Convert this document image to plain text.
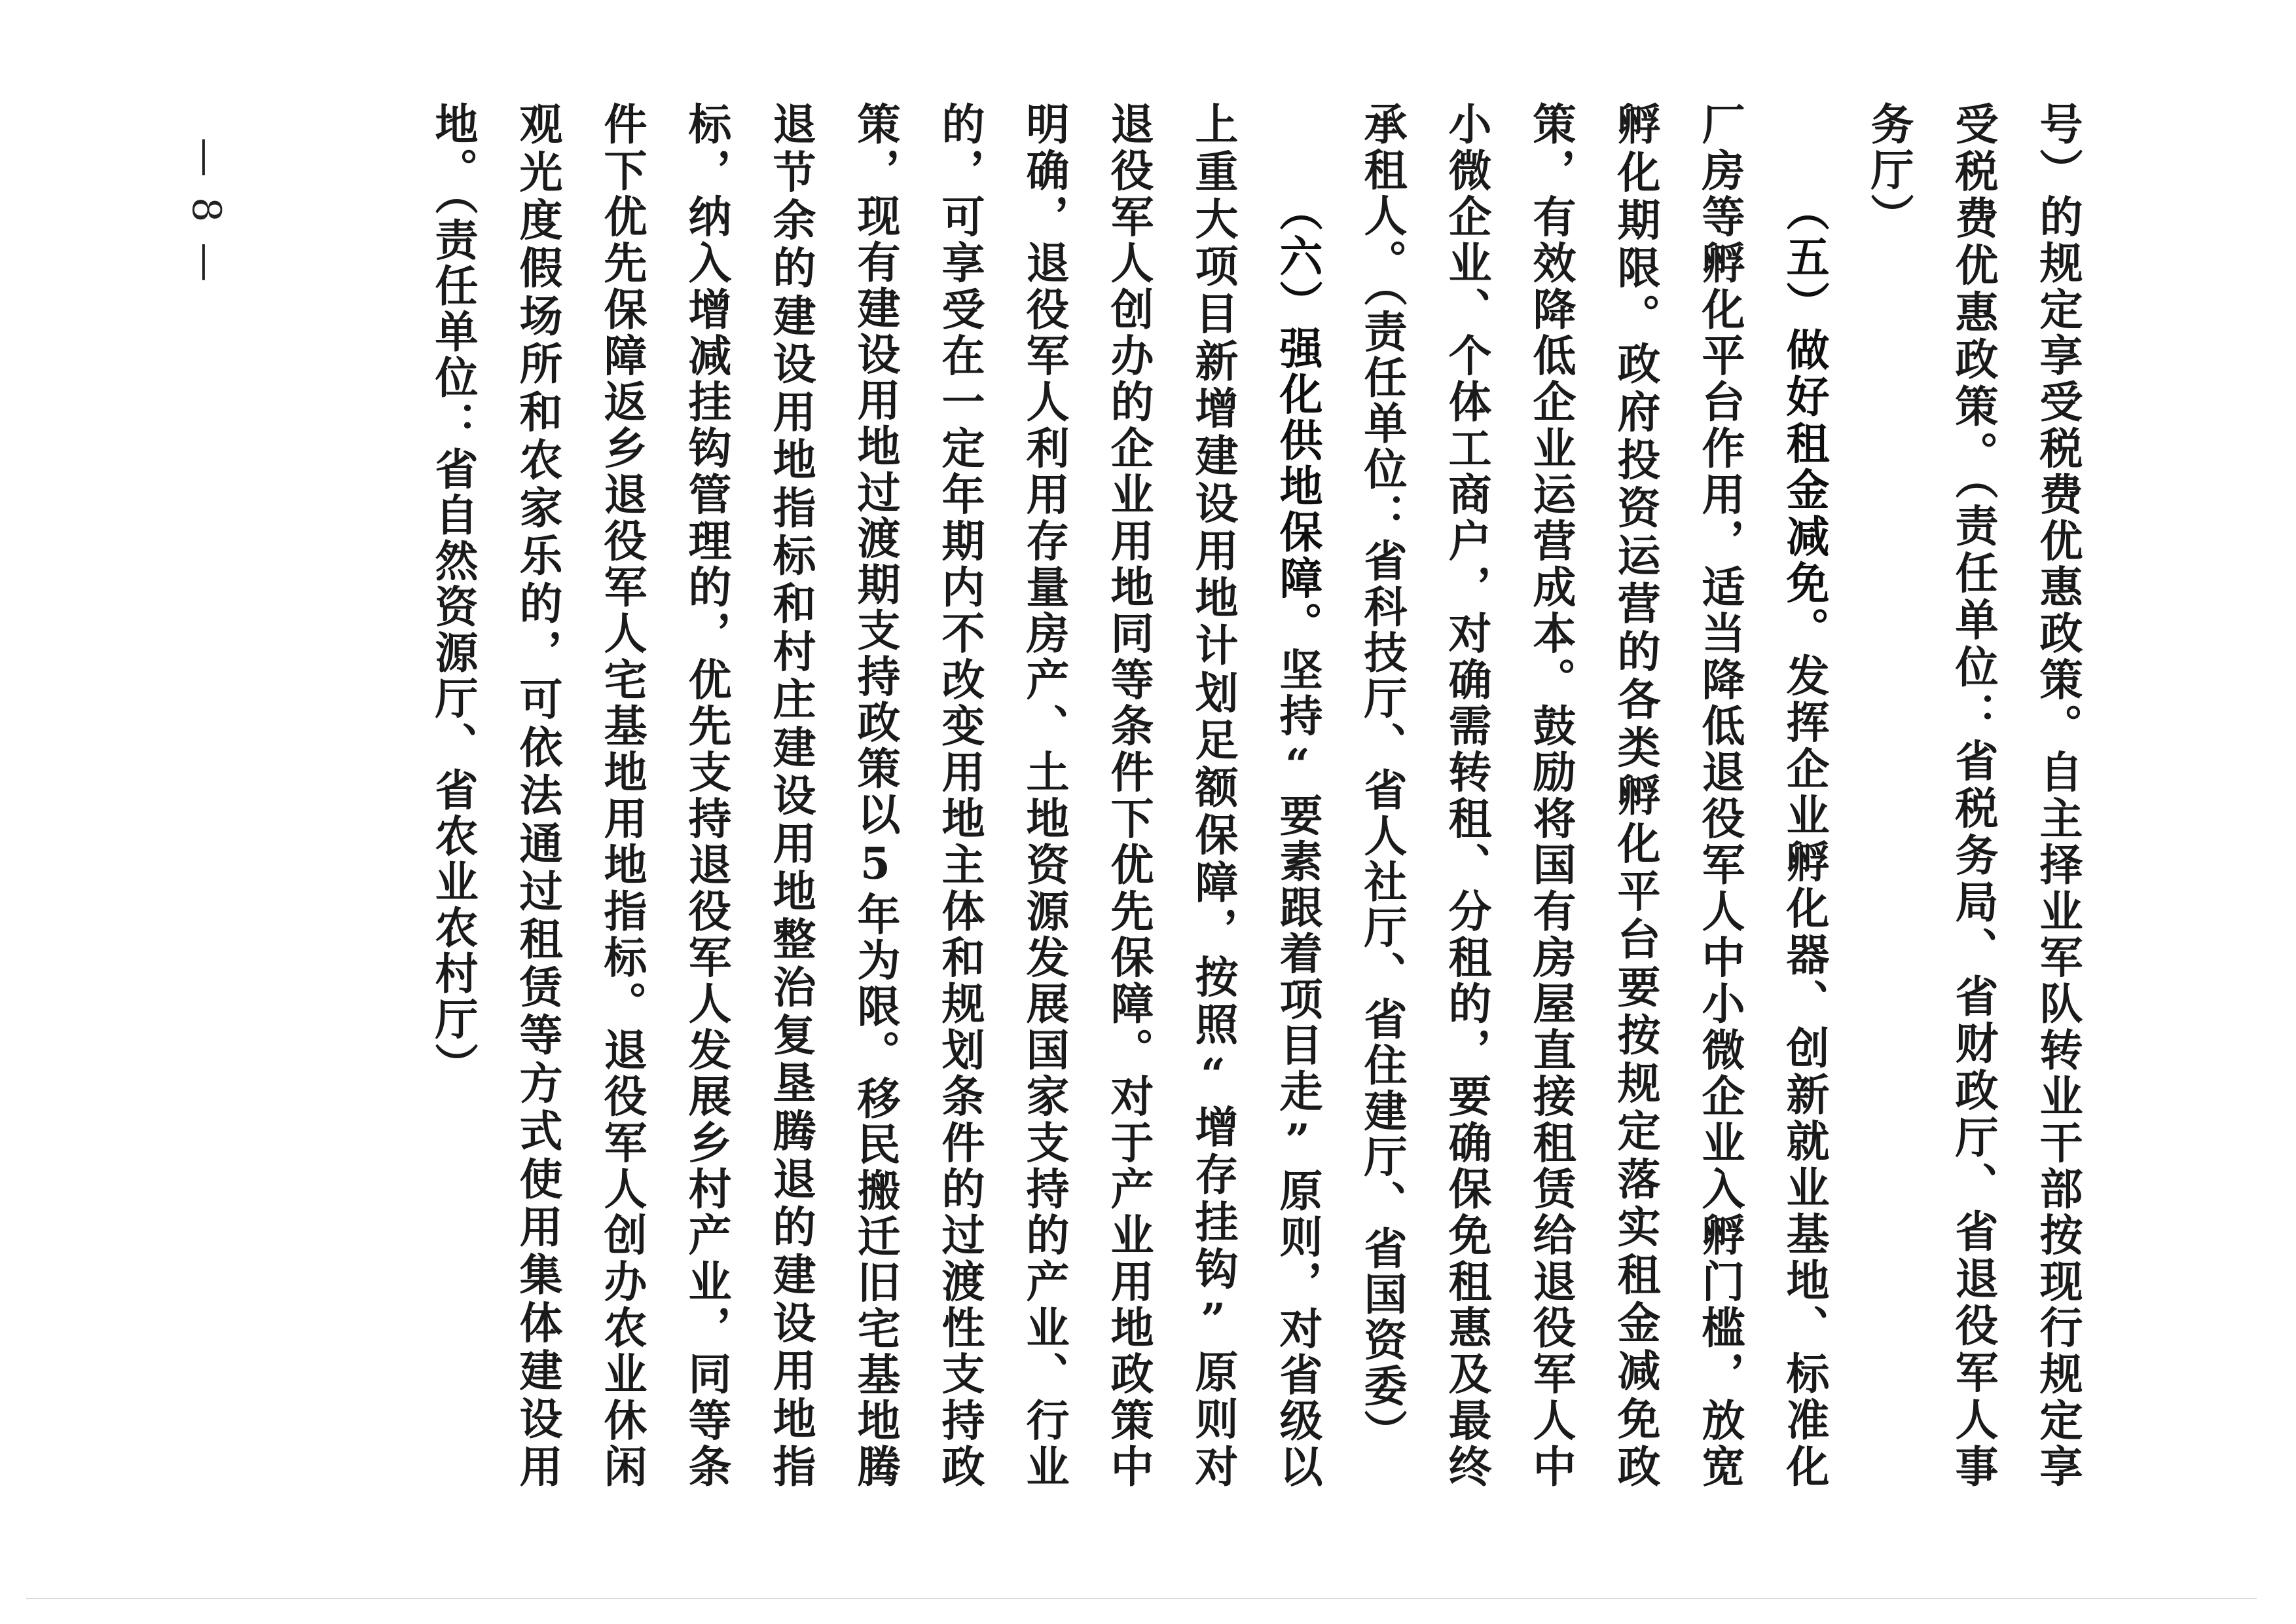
号）的规定享受税费优惠政策。自主择业军队转业干部按现行规定享受税费优惠政策。（责任单位：省税务局、省财政厅、省退役军人事务厅）

（五）做好租金减免。发挥企业孵化器、创新就业基地、标准化厂房等孵化平台作用，适当降低退役军人中小微企业入孵门槛，放宽孵化期限。政府投资运营的各类孵化平台要按规定落实租金减免政策，有效降低企业运营成本。鼓励将国有房屋直接租赁给退役军人中小微企业、个体工商户，对确需转租、分租的，要确保免租惠及最终承租人。（责任单位：省科技厅、省人社厅、省住建厅、省国资委）

（六）强化供地保障。坚持“要素跟着项目走”原则，对省级以上重大项目新增建设用地计划足额保障，按照“增存挂钩”原则对退役军人创办的企业用地同等条件下优先保障。对于产业用地政策中明确，退役军人利用存量房产、土地资源发展国家支持的产业、行业的，可享受在一定年期内不改变用地主体和规划条件的过渡性支持政策，现有建设用地过渡期支持政策以5年为限。移民搬迁旧宅基地腾退节余的建设用地指标和村庄建设用地整治复垦腾退的建设用地指标，纳入增减挂钩管理的，优先支持退役军人发展乡村产业，同等条件下优先保障返乡退役军人宅基地用地指标。退役军人创办农业休闲观光度假场所和农家乐的，可依法通过租赁等方式使用集体建设用地。（责任单位：省自然资源厅、省农业农村厅）

— 8 —
